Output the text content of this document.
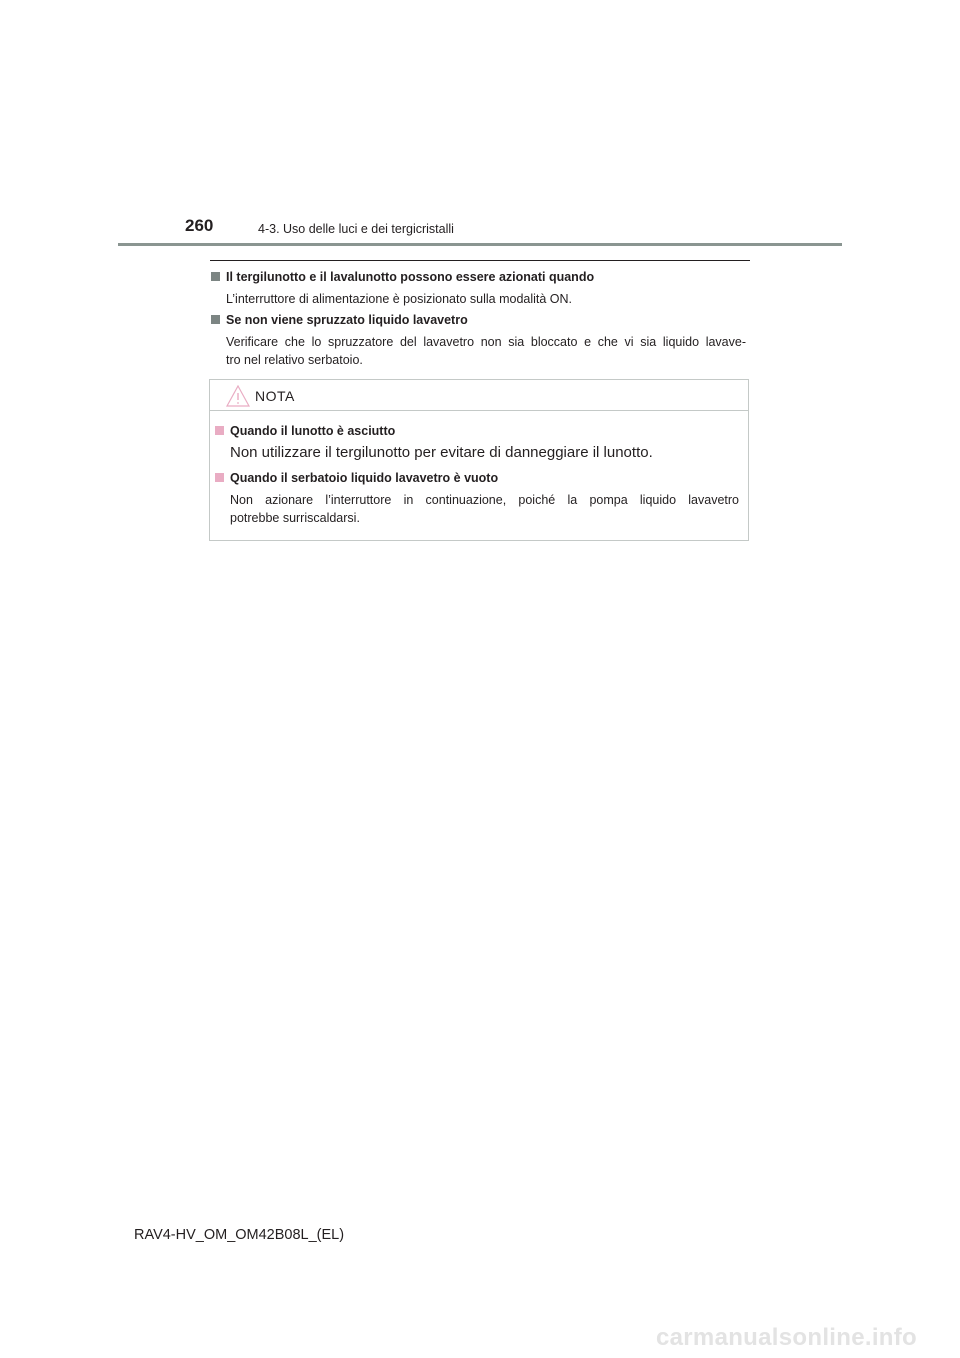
260	4-3. Uso delle luci e dei tergicristalli
Il tergilunotto e il lavalunotto possono essere azionati quando
L’interruttore di alimentazione è posizionato sulla modalità ON.
Se non viene spruzzato liquido lavavetro
Verificare che lo spruzzatore del lavavetro non sia bloccato e che vi sia liquido lavave-
tro nel relativo serbatoio.
NOTA
Quando il lunotto è asciutto
Non utilizzare il tergilunotto per evitare di danneggiare il lunotto.
Quando il serbatoio liquido lavavetro è vuoto
Non azionare l’interruttore in continuazione, poiché la pompa liquido lavavetro
potrebbe surriscaldarsi.
RAV4-HV_OM_OM42B08L_(EL)
carmanualsonline.info
